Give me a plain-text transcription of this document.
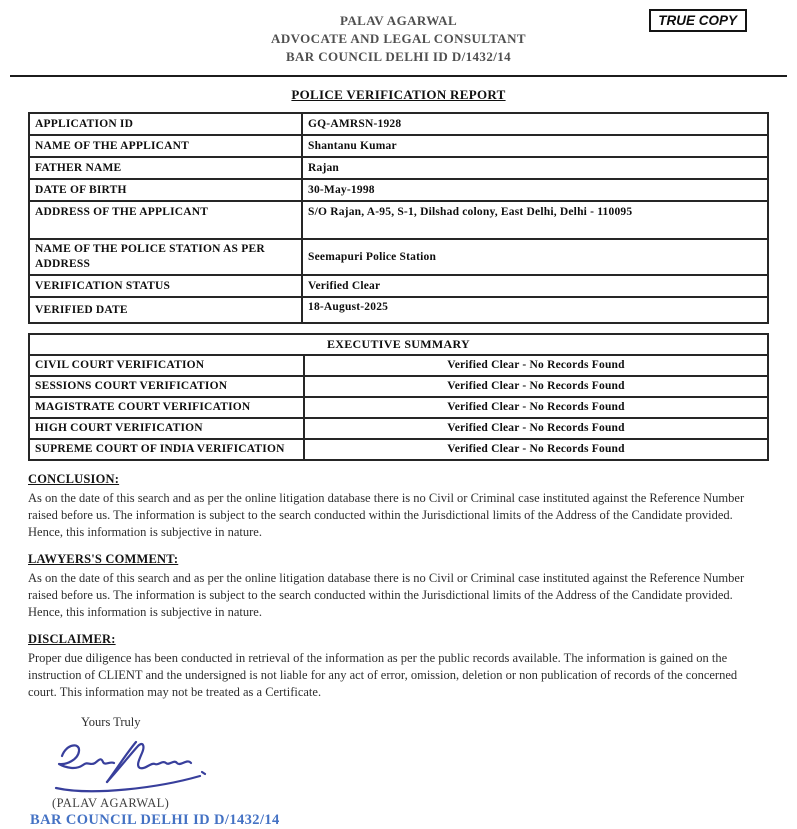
PALAV AGARWAL
ADVOCATE AND LEGAL CONSULTANT
BAR COUNCIL DELHI ID D/1432/14
TRUE COPY
POLICE VERIFICATION REPORT
APPLICATION ID	GQ-AMRSN-1928
NAME OF THE APPLICANT	Shantanu Kumar
FATHER NAME	Rajan
DATE OF BIRTH	30-May-1998
ADDRESS OF THE APPLICANT	S/O Rajan, A-95, S-1, Dilshad colony, East Delhi, Delhi - 110095
NAME OF THE POLICE STATION AS PER ADDRESS	Seemapuri Police Station
VERIFICATION STATUS	Verified Clear
VERIFIED DATE	18-August-2025
EXECUTIVE SUMMARY	
CIVIL COURT VERIFICATION	Verified Clear - No Records Found
SESSIONS COURT VERIFICATION	Verified Clear - No Records Found
MAGISTRATE COURT VERIFICATION	Verified Clear - No Records Found
HIGH COURT VERIFICATION	Verified Clear - No Records Found
SUPREME COURT OF INDIA VERIFICATION	Verified Clear - No Records Found
CONCLUSION:
As on the date of this search and as per the online litigation database there is no Civil or Criminal case instituted against the Reference Number raised before us. The information is subject to the search conducted within the Jurisdictional limits of the Address of the Candidate provided. Hence, this information is subjective in nature.
LAWYERS'S COMMENT:
As on the date of this search and as per the online litigation database there is no Civil or Criminal case instituted against the Reference Number raised before us. The information is subject to the search conducted within the Jurisdictional limits of the Address of the Candidate provided. Hence, this information is subjective in nature.
DISCLAIMER:
Proper due diligence has been conducted in retrieval of the information as per the public records available. The information is gained on the instruction of CLIENT and the undersigned is not liable for any act of error, omission, deletion or non publication of records of the concerned court. This information may not be treated as a Certificate.
Yours Truly
(PALAV AGARWAL)
BAR COUNCIL DELHI ID D/1432/14
